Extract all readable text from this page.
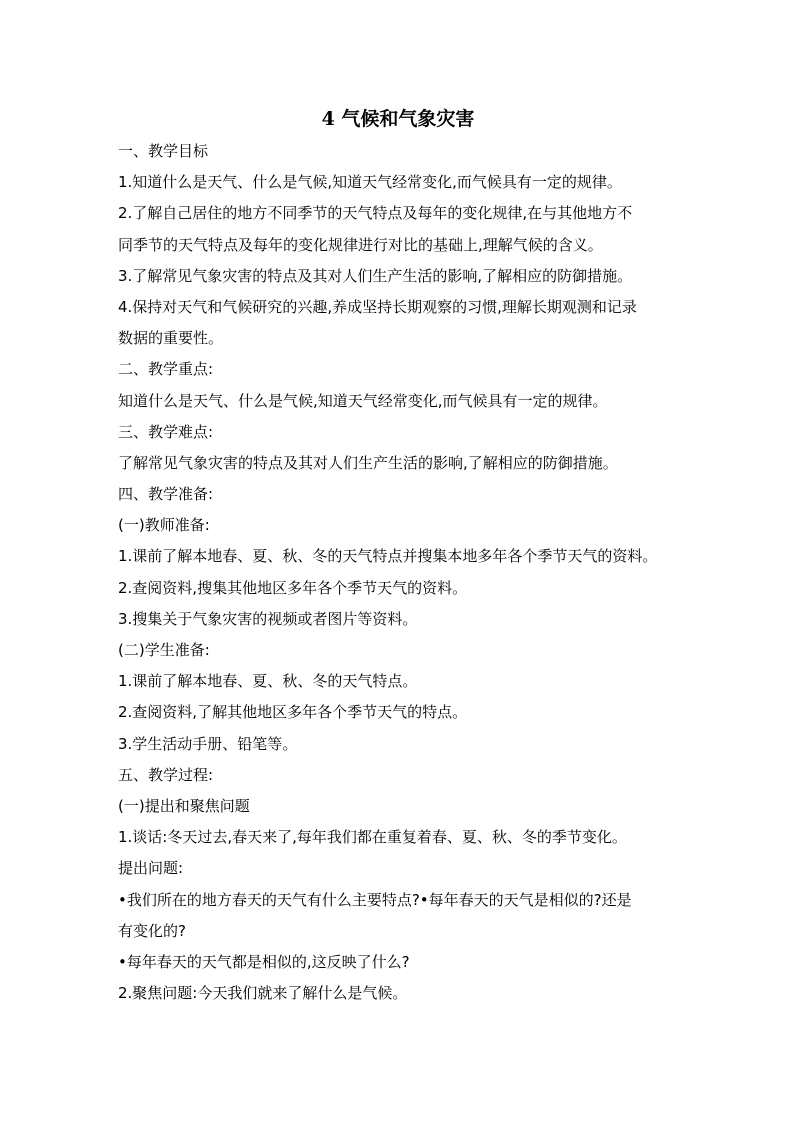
4 气候和气象灾害
一、教学目标
1.知道什么是天气、什么是气候,知道天气经常变化,而气候具有一定的规律。
2.了解自己居住的地方不同季节的天气特点及每年的变化规律,在与其他地方不
同季节的天气特点及每年的变化规律进行对比的基础上,理解气候的含义。
3.了解常见气象灾害的特点及其对人们生产生活的影响,了解相应的防御措施。
4.保持对天气和气候研究的兴趣,养成坚持长期观察的习惯,理解长期观测和记录
数据的重要性。
二、教学重点:
知道什么是天气、什么是气候,知道天气经常变化,而气候具有一定的规律。
三、教学难点:
了解常见气象灾害的特点及其对人们生产生活的影响,了解相应的防御措施。
四、教学准备:
(一)教师准备:
1.课前了解本地春、夏、秋、冬的天气特点并搜集本地多年各个季节天气的资料。
2.查阅资料,搜集其他地区多年各个季节天气的资料。
3.搜集关于气象灾害的视频或者图片等资料。
(二)学生准备:
1.课前了解本地春、夏、秋、冬的天气特点。
2.查阅资料,了解其他地区多年各个季节天气的特点。
3.学生活动手册、铅笔等。
五、教学过程:
(一)提出和聚焦问题
1.谈话:冬天过去,春天来了,每年我们都在重复着春、夏、秋、冬的季节变化。
提出问题:
•我们所在的地方春天的天气有什么主要特点?•每年春天的天气是相似的?还是
有变化的?
•每年春天的天气都是相似的,这反映了什么?
2.聚焦问题:今天我们就来了解什么是气候。
